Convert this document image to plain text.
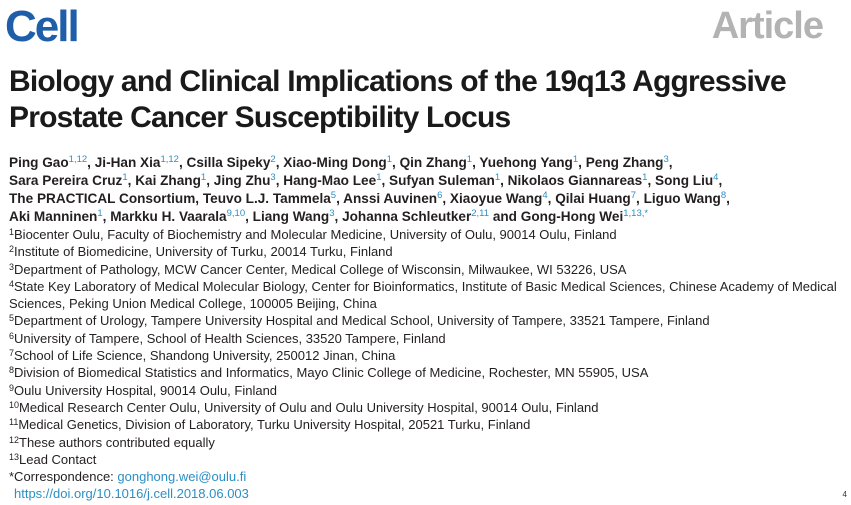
Cell	Article
Biology and Clinical Implications of the 19q13 Aggressive Prostate Cancer Susceptibility Locus
Ping Gao$^{1,12}$, Ji-Han Xia$^{1,12}$, Csilla Sipeky$^2$, Xiao-Ming Dong$^1$, Qin Zhang$^1$, Yuehong Yang$^1$, Peng Zhang$^3$,
Sara Pereira Cruz$^1$, Kai Zhang$^1$, Jing Zhu$^3$, Hang-Mao Lee$^1$, Sufyan Suleman$^1$, Nikolaos Giannareas$^1$, Song Liu$^4$,
The PRACTICAL Consortium, Teuvo L.J. Tammela$^5$, Anssi Auvinen$^6$, Xiaoyue Wang$^4$, Qilai Huang$^7$, Liguo Wang$^8$,
Aki Manninen$^1$, Markku H. Vaarala$^{9,10}$, Liang Wang$^3$, Johanna Schleutker$^{2,11}$ and Gong-Hong Wei$^{1,13,*}$
$^1$Biocenter Oulu, Faculty of Biochemistry and Molecular Medicine, University of Oulu, 90014 Oulu, Finland
$^2$Institute of Biomedicine, University of Turku, 20014 Turku, Finland
$^3$Department of Pathology, MCW Cancer Center, Medical College of Wisconsin, Milwaukee, WI 53226, USA
$^4$State Key Laboratory of Medical Molecular Biology, Center for Bioinformatics, Institute of Basic Medical Sciences, Chinese Academy of Medical Sciences, Peking Union Medical College, 100005 Beijing, China
$^5$Department of Urology, Tampere University Hospital and Medical School, University of Tampere, 33521 Tampere, Finland
$^6$University of Tampere, School of Health Sciences, 33520 Tampere, Finland
$^7$School of Life Science, Shandong University, 250012 Jinan, China
$^8$Division of Biomedical Statistics and Informatics, Mayo Clinic College of Medicine, Rochester, MN 55905, USA
$^9$Oulu University Hospital, 90014 Oulu, Finland
$^{10}$Medical Research Center Oulu, University of Oulu and Oulu University Hospital, 90014 Oulu, Finland
$^{11}$Medical Genetics, Division of Laboratory, Turku University Hospital, 20521 Turku, Finland
$^{12}$These authors contributed equally
$^{13}$Lead Contact
*Correspondence: gonghong.wei@oulu.fi
https://doi.org/10.1016/j.cell.2018.06.003	4
